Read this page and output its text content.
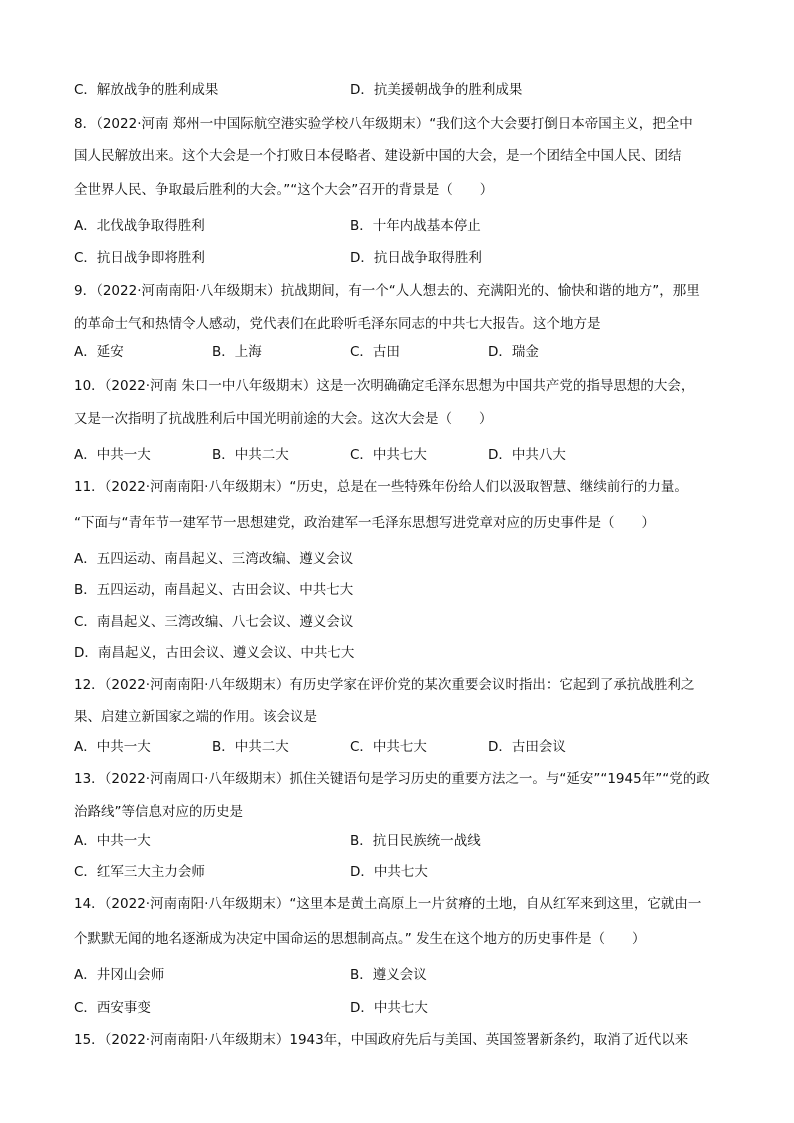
C．解放战争的胜利成果	D．抗美援朝战争的胜利成果
8．（2022·河南 郑州一中国际航空港实验学校八年级期末）“我们这个大会要打倒日本帝国主义，把全中
国人民解放出来。这个大会是一个打败日本侵略者、建设新中国的大会，是一个团结全中国人民、团结
全世界人民、争取最后胜利的大会。”“这个大会”召开的背景是（　　）
A．北伐战争取得胜利	B．十年内战基本停止
C．抗日战争即将胜利	D．抗日战争取得胜利
9．（2022·河南南阳·八年级期末）抗战期间，有一个“人人想去的、充满阳光的、愉快和谐的地方”，那里
的革命士气和热情令人感动，党代表们在此聆听毛泽东同志的中共七大报告。这个地方是
A．延安	B．上海	C．古田	D．瑞金
10．（2022·河南 朱口一中八年级期末）这是一次明确确定毛泽东思想为中国共产党的指导思想的大会，
又是一次指明了抗战胜利后中国光明前途的大会。这次大会是（　　）
A．中共一大	B．中共二大	C．中共七大	D．中共八大
11．（2022·河南南阳·八年级期末）“历史，总是在一些特殊年份给人们以汲取智慧、继续前行的力量。
“下面与“青年节一建军节一思想建党，政治建军一毛泽东思想写进党章对应的历史事件是（　　）
A．五四运动、南昌起义、三湾改编、遵义会议
B．五四运动，南昌起义、古田会议、中共七大
C．南昌起义、三湾改编、八七会议、遵义会议
D．南昌起义，古田会议、遵义会议、中共七大
12．（2022·河南南阳·八年级期末）有历史学家在评价党的某次重要会议时指出：它起到了承抗战胜利之
果、启建立新国家之端的作用。该会议是
A．中共一大	B．中共二大	C．中共七大	D．古田会议
13．（2022·河南周口·八年级期末）抓住关键语句是学习历史的重要方法之一。与“延安”“1945年”“党的政
治路线”等信息对应的历史是
A．中共一大	B．抗日民族统一战线
C．红军三大主力会师	D．中共七大
14．（2022·河南南阳·八年级期末）“这里本是黄土高原上一片贫瘠的土地，自从红军来到这里，它就由一
个默默无闻的地名逐渐成为决定中国命运的思想制高点。” 发生在这个地方的历史事件是（　　）
A．井冈山会师	B．遵义会议
C．西安事变	D．中共七大
15．（2022·河南南阳·八年级期末）1943年，中国政府先后与美国、英国签署新条约，取消了近代以来
